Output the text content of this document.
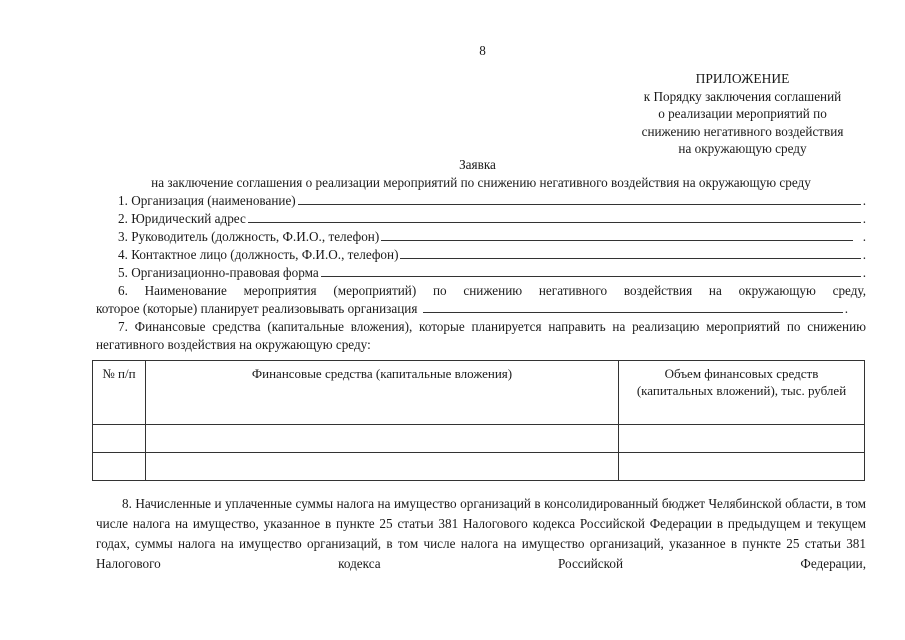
8
ПРИЛОЖЕНИЕ
к Порядку заключения соглашений
о реализации мероприятий по
снижению негативного воздействия
на окружающую среду
Заявка
на заключение соглашения о реализации мероприятий по снижению негативного воздействия на окружающую среду
1. Организация (наименование)	.
2. Юридический адрес	.
3. Руководитель (должность, Ф.И.О., телефон)	.
4. Контактное лицо (должность, Ф.И.О., телефон)	.
5. Организационно-правовая форма	.
6. Наименование мероприятия (мероприятий) по снижению негативного воздействия на окружающую среду,
которое (которые) планирует реализовывать организация	.
7. Финансовые средства (капитальные вложения), которые планируется направить на реализацию мероприятий по снижению негативного воздействия на окружающую среду:
№ п/п	Финансовые средства (капитальные вложения)	Объем финансовых средств (капитальных вложений), тыс. рублей

8. Начисленные и уплаченные суммы налога на имущество организаций в консолидированный бюджет Челябинской области, в том числе налога на имущество, указанное в пункте 25 статьи 381 Налогового кодекса Российской Федерации в предыдущем и текущем годах, суммы налога на имущество организаций, в том числе налога на имущество организаций, указанное в пункте 25 статьи 381 Налогового кодекса Российской Федерации,
